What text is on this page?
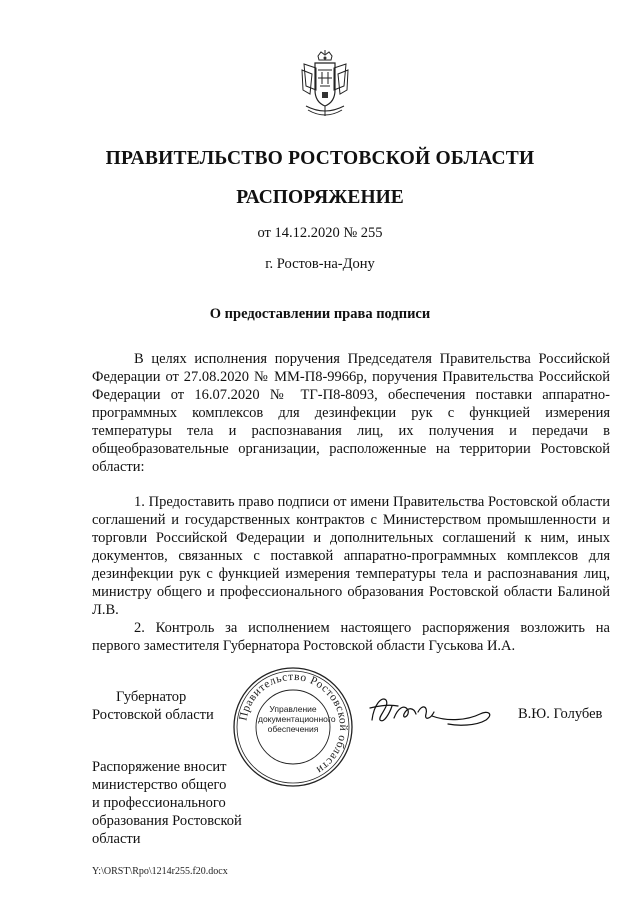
ПРАВИТЕЛЬСТВО РОСТОВСКОЙ ОБЛАСТИ
РАСПОРЯЖЕНИЕ
от 14.12.2020 № 255
г. Ростов-на-Дону
О предоставлении права подписи

В целях исполнения поручения Председателя Правительства Российской Федерации от 27.08.2020 № ММ-П8-9966р, поручения Правительства Российской Федерации от 16.07.2020 № ТГ-П8-8093, обеспечения поставки аппаратно-программных комплексов для дезинфекции рук с функцией измерения температуры тела и распознавания лиц, их получения и передачи в общеобразовательные организации, расположенные на территории Ростовской области:

1. Предоставить право подписи от имени Правительства Ростовской области соглашений и государственных контрактов с Министерством промышленности и торговли Российской Федерации и дополнительных соглашений к ним, иных документов, связанных с поставкой аппаратно-программных комплексов для дезинфекции рук с функцией измерения температуры тела и распознавания лиц, министру общего и профессионального образования Ростовской области Балиной Л.В.

2. Контроль за исполнением настоящего распоряжения возложить на первого заместителя Губернатора Ростовской области Гуськова И.А.

Губернатор
Ростовской области	Правительство Ростовской области
Управление
документационного
обеспечения
В.Ю. Голубев
Распоряжение вносит
министерство общего
и профессионального
образования Ростовской
области
Y:\ORST\Rpo\1214r255.f20.docx
